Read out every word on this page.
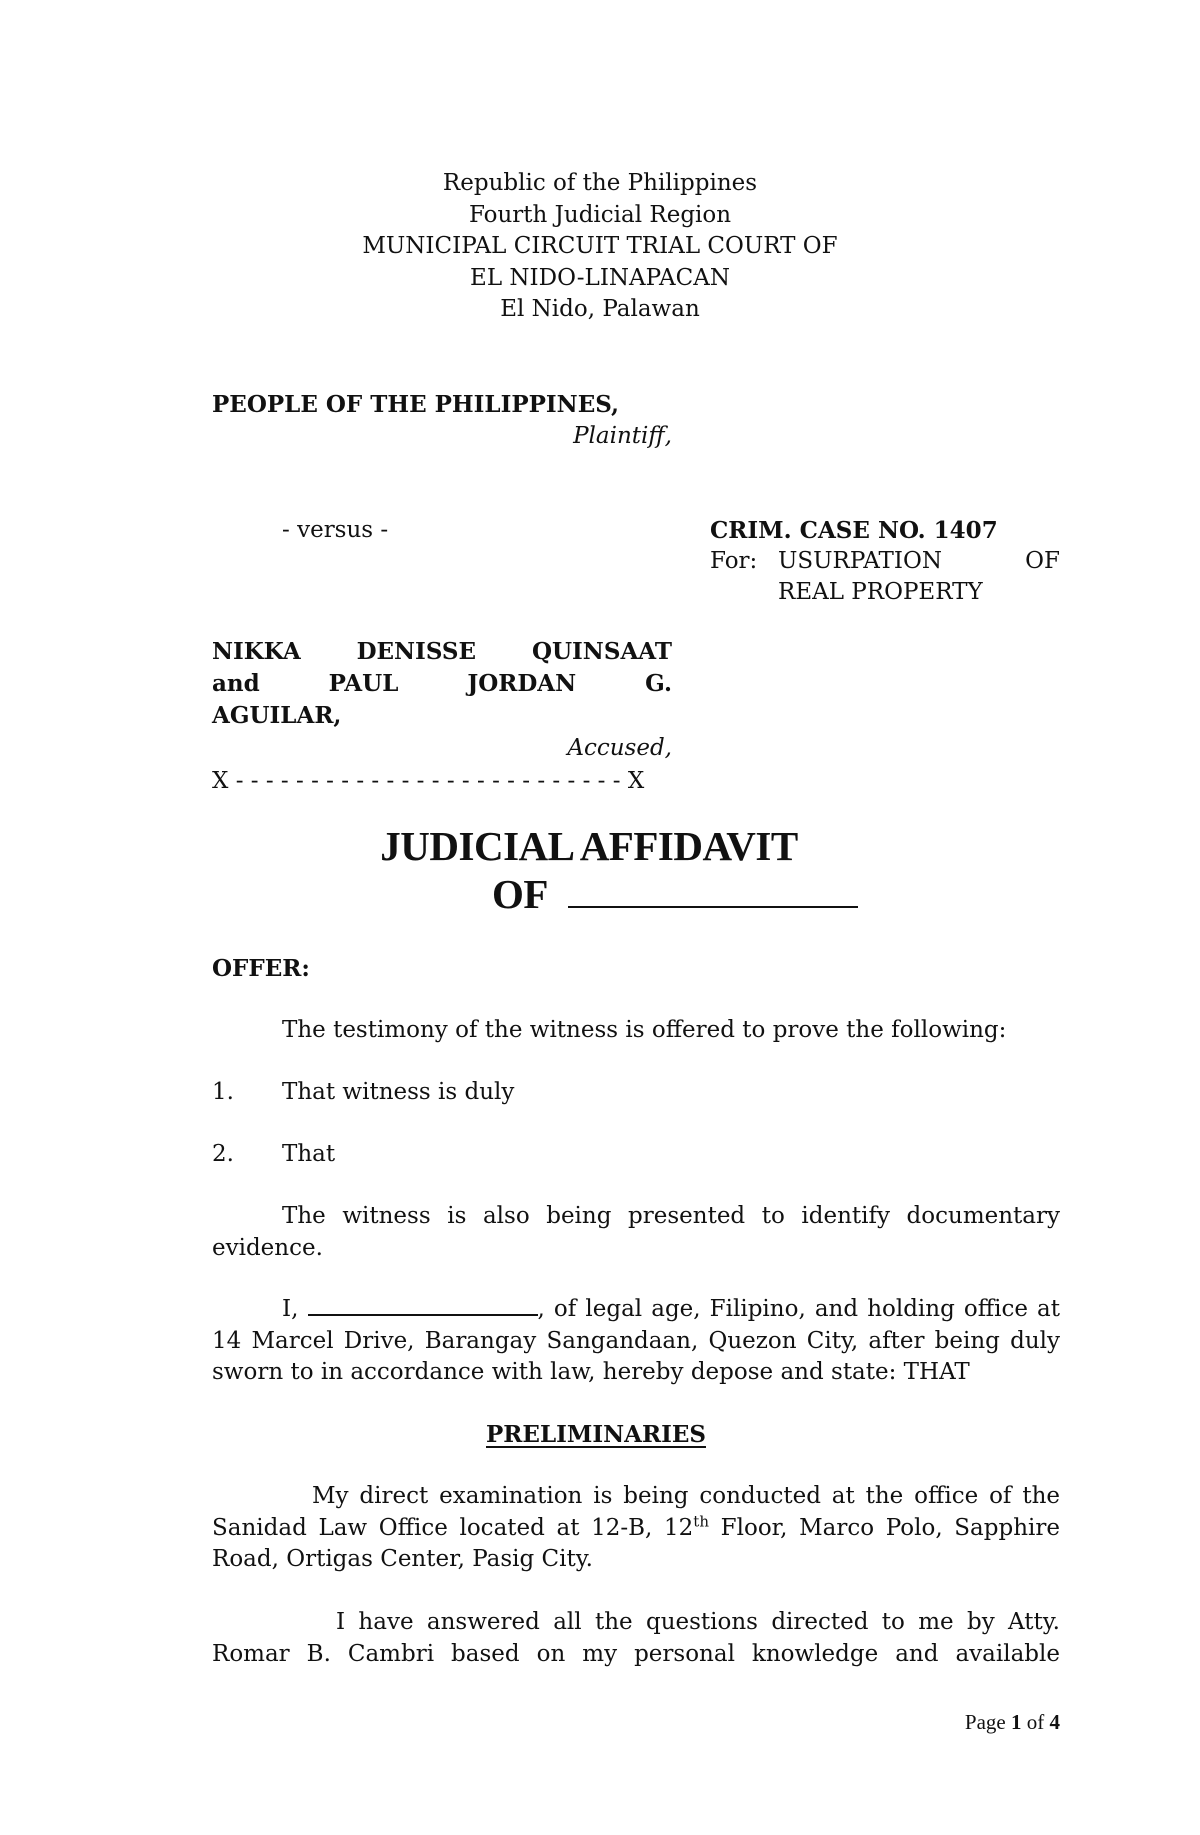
Republic of the Philippines
Fourth Judicial Region
MUNICIPAL CIRCUIT TRIAL COURT OF
EL NIDO-LINAPACAN
El Nido, Palawan
PEOPLE OF THE PHILIPPINES,
Plaintiff,
- versus -	CRIM. CASE NO. 1407
For: USURPATION	OF
REAL PROPERTY
NIKKA DENISSE QUINSAAT
and	PAUL	JORDAN	G.
AGUILAR,
Accused,
X - - - - - - - - - - - - - - - - - - - - - - - - - - X
JUDICIAL AFFIDAVIT
OF
OFFER:
The testimony of the witness is offered to prove the following:
1. That witness is duly
2. That
The witness is also being presented to identify documentary evidence.
I,	, of legal age, Filipino, and holding office at 14 Marcel Drive, Barangay Sangandaan, Quezon City, after being duly sworn to in accordance with law, hereby depose and state: THAT
PRELIMINARIES
My direct examination is being conducted at the office of the Sanidad Law Office located at 12-B, 12th Floor, Marco Polo, Sapphire Road, Ortigas Center, Pasig City.
I have answered all the questions directed to me by Atty. Romar B. Cambri based on my personal knowledge and available
Page 1 of 4
